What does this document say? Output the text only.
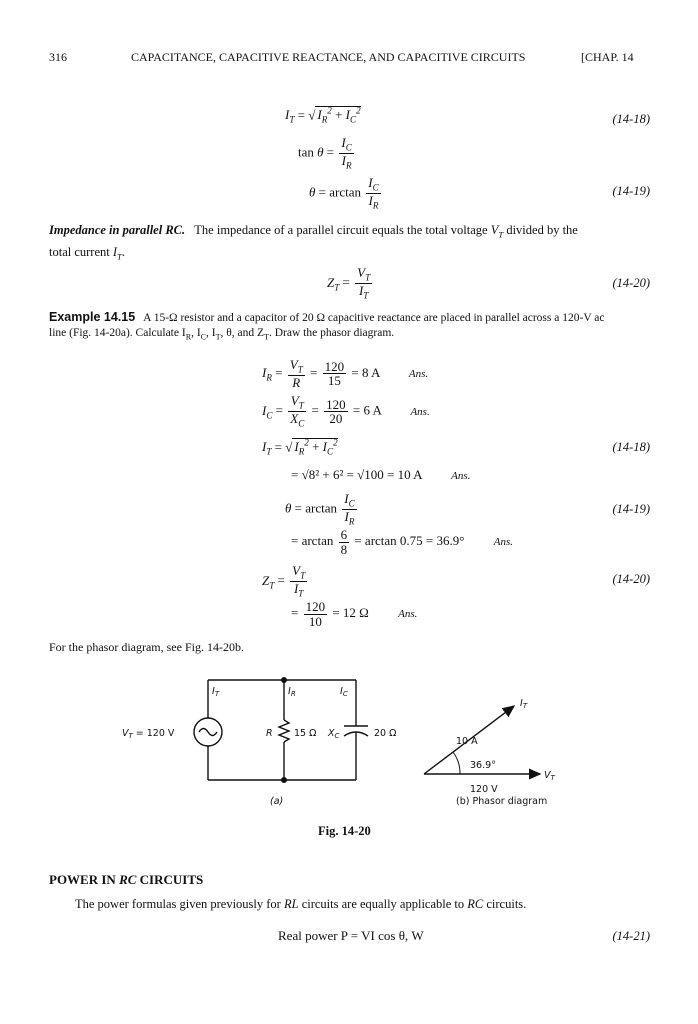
316	CAPACITANCE, CAPACITIVE REACTANCE, AND CAPACITIVE CIRCUITS	[CHAP. 14
$I_T$ = √ $I_R^2 + I_C^2$
(14-18)
$\tan \theta = \frac{I_C}{I_R}$
$\theta = \arctan \frac{I_C}{I_R}$	(14-19)
Impedance in parallel RC. The impedance of a parallel circuit equals the total voltage $V_T$ divided by the
total current $I_T$.
$Z_T = \frac{V_T}{I_T}$	(14-20)
Example 14.15 A 15-Ω resistor and a capacitor of 20 Ω capacitive reactance are placed in parallel across a 120-V ac
line (Fig. 14-20a). Calculate $I_R$, $I_C$, $I_T$, θ, and $Z_T$. Draw the phasor diagram.
$I_R = \frac{V_T}{R} = \frac{120}{15} = 8$ A	Ans.
$I_C = \frac{V_T}{X_C} = \frac{120}{20} = 6$ A	Ans.
$I_T$ = √ $I_R^2 + I_C^2$	(14-18)
= √8² + 6² = √100 = 10 A	Ans.
$\theta = \arctan \frac{I_C}{I_R}$	(14-19)
= $\arctan \frac{6}{8} = \arctan 0.75 = 36.9^\circ$	Ans.
$Z_T = \frac{V_T}{I_T}$	(14-20)
= $\frac{120}{10} = 12$ Ω	Ans.
For the phasor diagram, see Fig. 14-20b.
$I_T$	$I_R$	$I_C$
$V_T = 120$ V	R 15 Ω $X_C$	20 Ω
(a)
10 A
36.9°
120 V
$I_T$
$V_T$
(b) Phasor diagram
Fig. 14-20
POWER IN RC CIRCUITS
The power formulas given previously for RL circuits are equally applicable to RC circuits.
Real power P = VI cos θ, W	(14-21)
